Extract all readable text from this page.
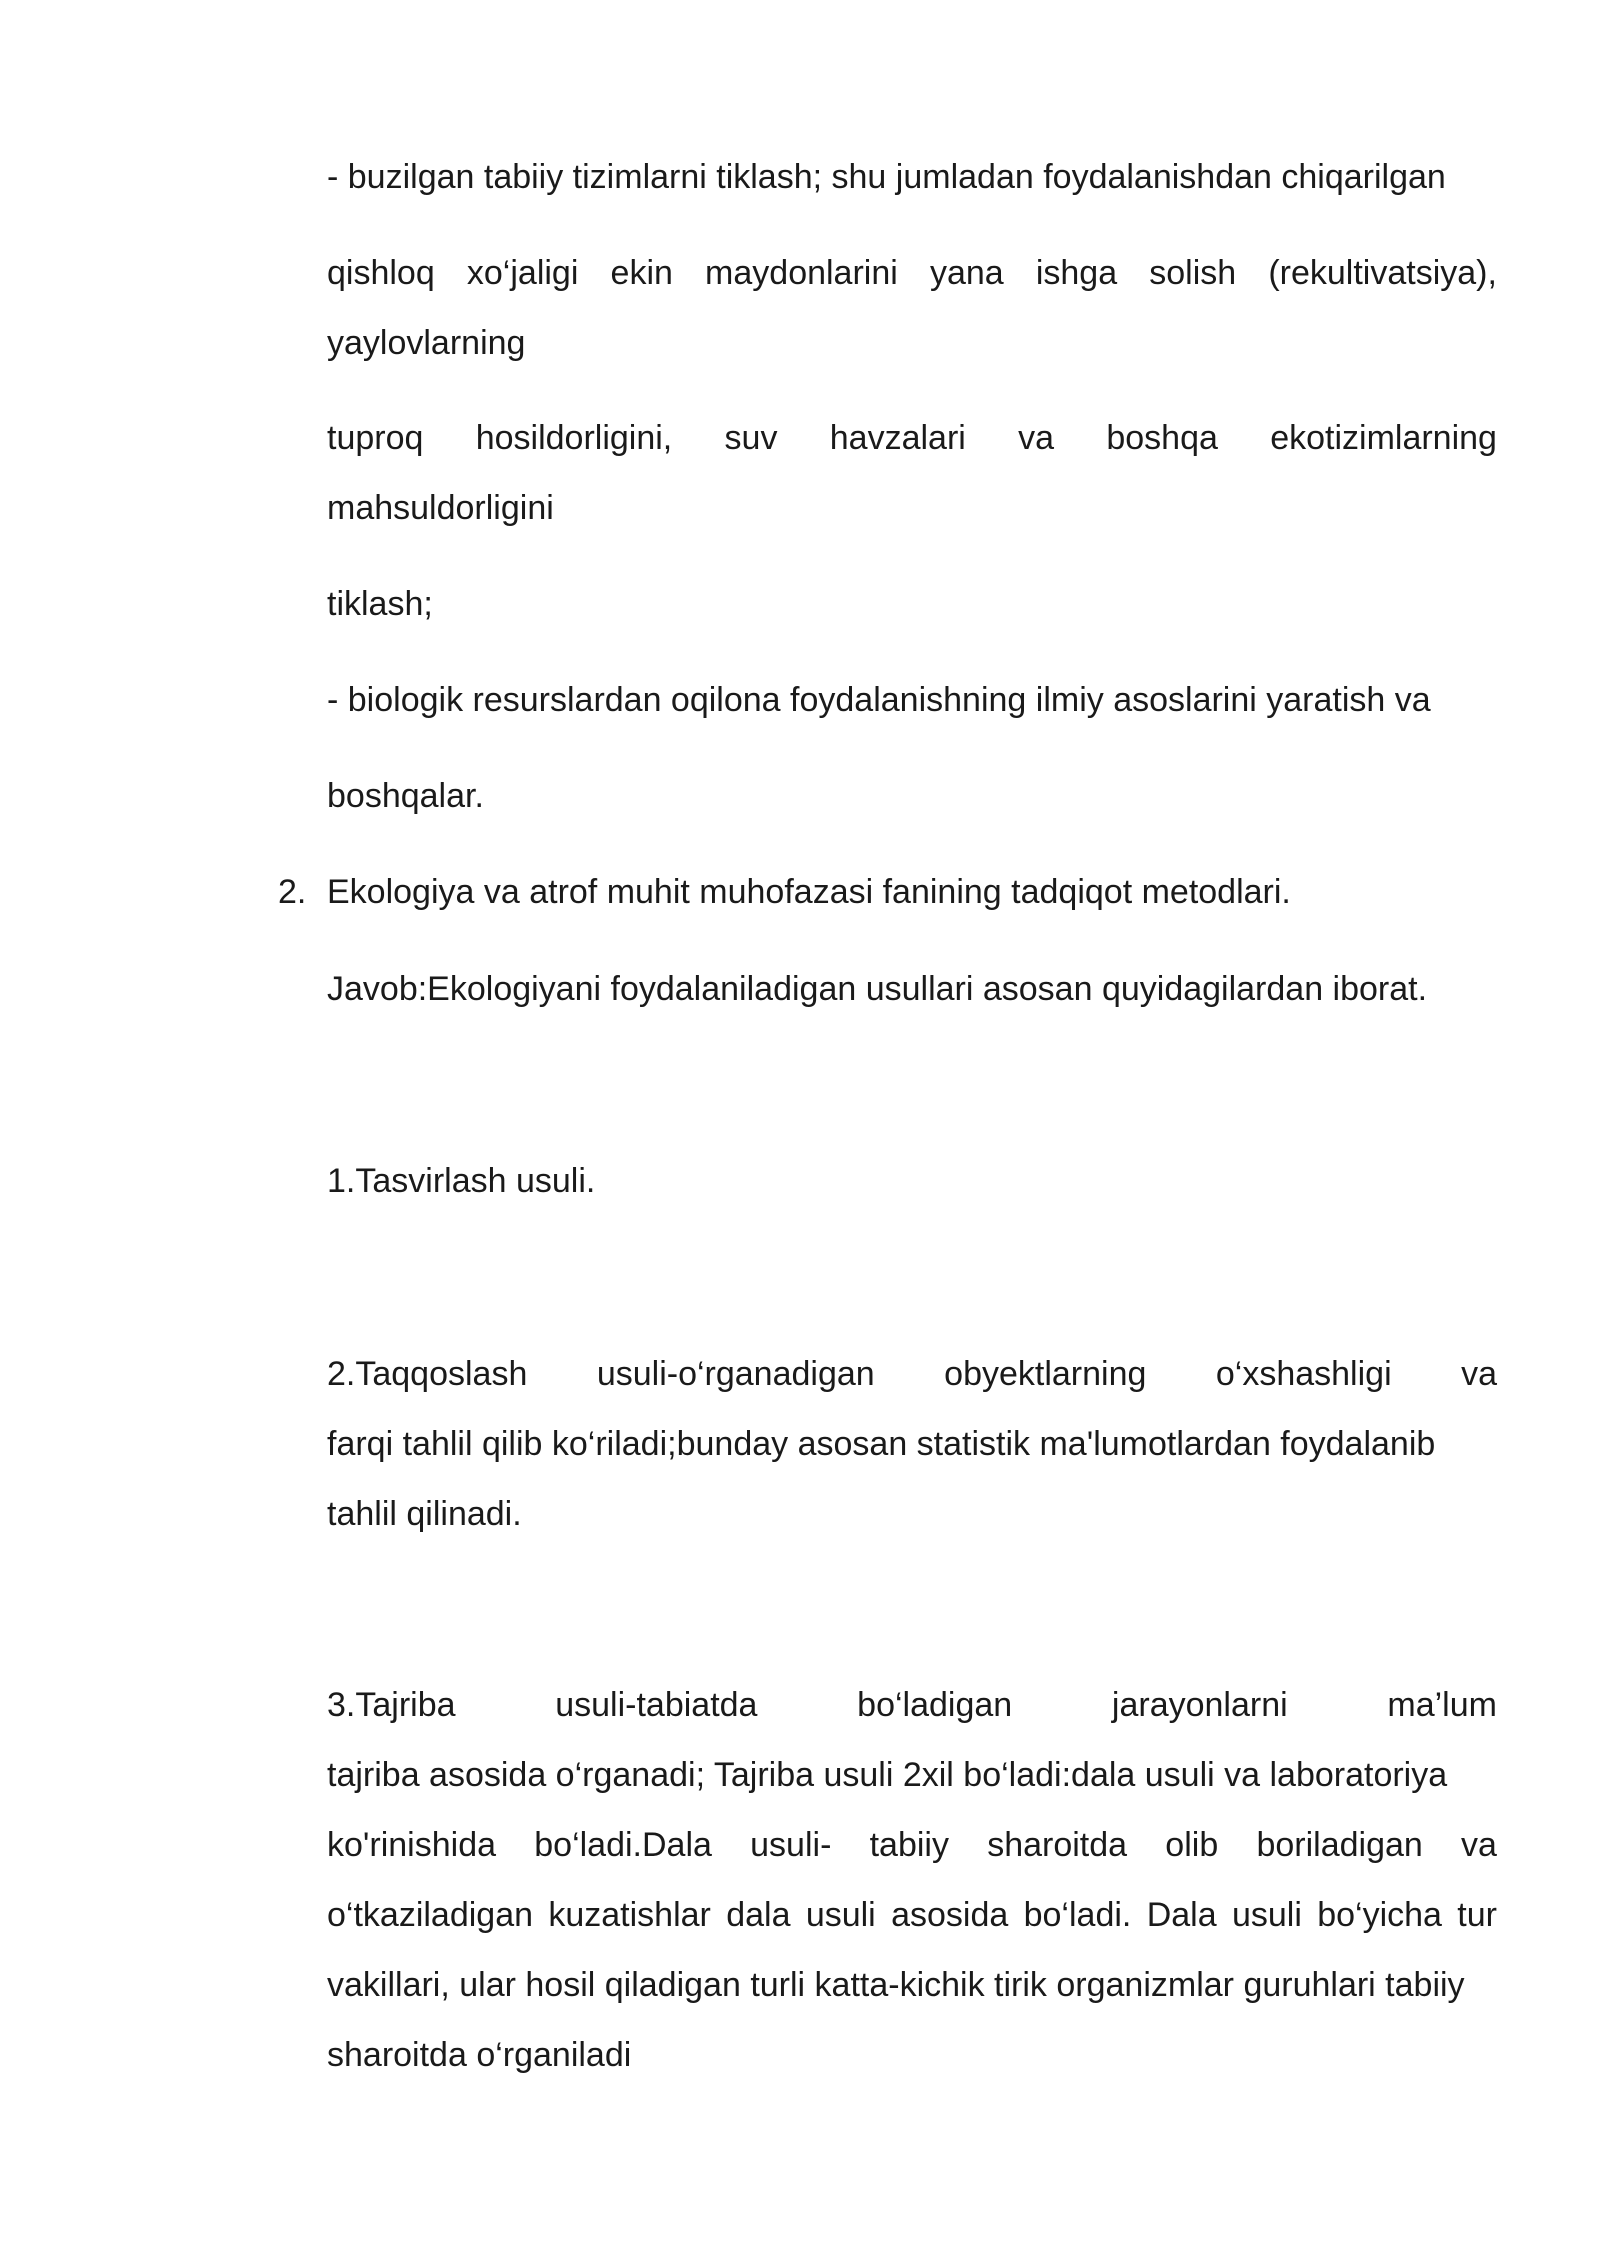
- buzilgan tabiiy tizimlarni tiklash; shu jumladan foydalanishdan chiqarilgan
qishloq xo‘jaligi ekin maydonlarini yana ishga solish (rekultivatsiya),
yaylovlarning
tuproq hosildorligini, suv havzalari va boshqa ekotizimlarning
mahsuldorligini
tiklash;
- biologik resurslardan oqilona foydalanishning ilmiy asoslarini yaratish va
boshqalar.
2. Ekologiya va atrof muhit muhofazasi fanining tadqiqot metodlari.
Javob:Ekologiyani foydalaniladigan usullari asosan quyidagilardan iborat.
1.Tasvirlash usuli.
2.Taqqoslash usuli-o‘rganadigan obyektlarning o‘xshashligi va
farqi tahlil qilib ko‘riladi;bunday asosan statistik ma'lumotlardan foydalanib
tahlil qilinadi.
3.Tajriba	usuli-tabiatda	bo‘ladigan	jarayonlarni	ma’lum
tajriba asosida o‘rganadi; Tajriba usuli 2xil bo‘ladi:dala usuli va laboratoriya
ko'rinishida bo‘ladi.Dala usuli- tabiiy sharoitda olib boriladigan va
o‘tkaziladigan kuzatishlar dala usuli asosida bo‘ladi. Dala usuli bo‘yicha tur
vakillari, ular hosil qiladigan turli katta-kichik tirik organizmlar guruhlari tabiiy
sharoitda o‘rganiladi
